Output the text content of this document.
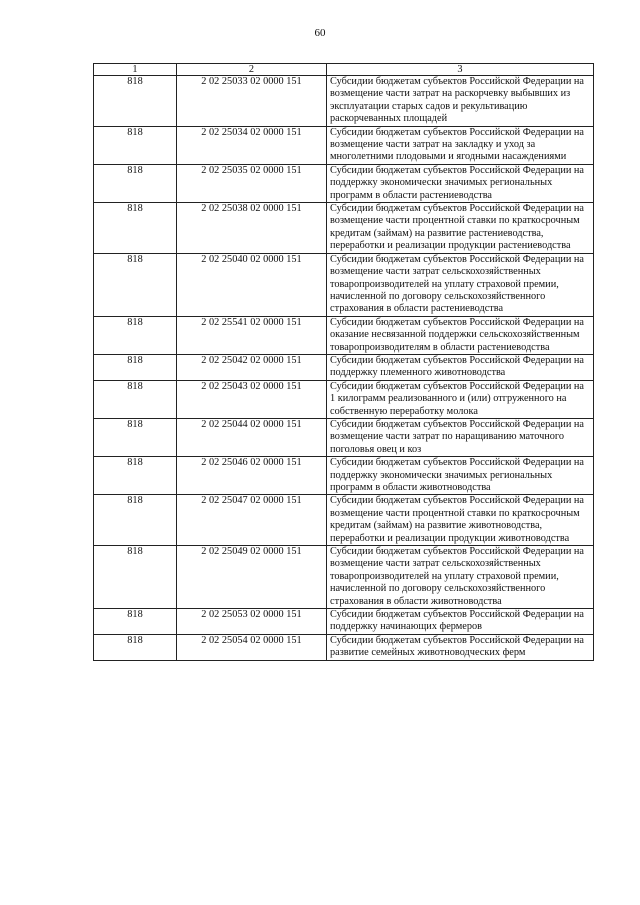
60
1	2	3
818	2 02 25033 02 0000 151	Субсидии бюджетам субъектов Российской Федерации на возмещение части затрат на раскорчевку выбывших из эксплуатации старых садов и рекультивацию раскорчеванных площадей
818	2 02 25034 02 0000 151	Субсидии бюджетам субъектов Российской Федерации на возмещение части затрат на закладку и уход за многолетними плодовыми и ягодными насаждениями
818	2 02 25035 02 0000 151	Субсидии бюджетам субъектов Российской Федерации на поддержку экономически значимых региональных программ в области растениеводства
818	2 02 25038 02 0000 151	Субсидии бюджетам субъектов Российской Федерации на возмещение части процентной ставки по краткосрочным кредитам (займам) на развитие растениеводства, переработки и реализации продукции растениеводства
818	2 02 25040 02 0000 151	Субсидии бюджетам субъектов Российской Федерации на возмещение части затрат сельскохозяйственных товаропроизводителей на уплату страховой премии, начисленной по договору сельскохозяйственного страхования в области растениеводства
818	2 02 25541 02 0000 151	Субсидии бюджетам субъектов Российской Федерации на оказание несвязанной поддержки сельскохозяйственным товаропроизводителям в области растениеводства
818	2 02 25042 02 0000 151	Субсидии бюджетам субъектов Российской Федерации на поддержку племенного животноводства
818	2 02 25043 02 0000 151	Субсидии бюджетам субъектов Российской Федерации на 1 килограмм реализованного и (или) отгруженного на собственную переработку молока
818	2 02 25044 02 0000 151	Субсидии бюджетам субъектов Российской Федерации на возмещение части затрат по наращиванию маточного поголовья овец и коз
818	2 02 25046 02 0000 151	Субсидии бюджетам субъектов Российской Федерации на поддержку экономически значимых региональных программ в области животноводства
818	2 02 25047 02 0000 151	Субсидии бюджетам субъектов Российской Федерации на возмещение части процентной ставки по краткосрочным кредитам (займам) на развитие животноводства, переработки и реализации продукции животноводства
818	2 02 25049 02 0000 151	Субсидии бюджетам субъектов Российской Федерации на возмещение части затрат сельскохозяйственных товаропроизводителей на уплату страховой премии, начисленной по договору сельскохозяйственного страхования в области животноводства
818	2 02 25053 02 0000 151	Субсидии бюджетам субъектов Российской Федерации на поддержку начинающих фермеров
818	2 02 25054 02 0000 151	Субсидии бюджетам субъектов Российской Федерации на развитие семейных животноводческих ферм
